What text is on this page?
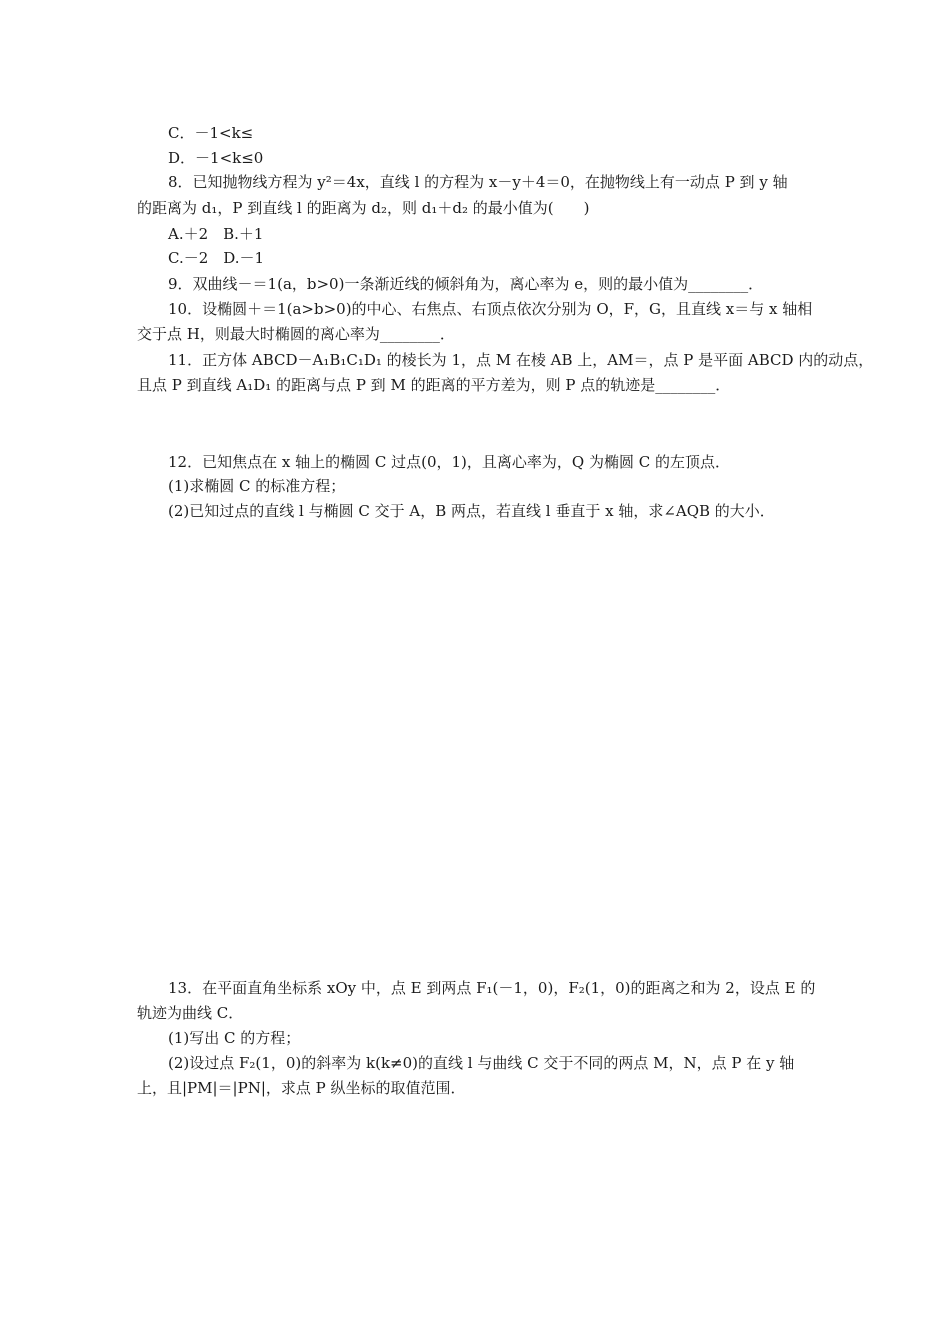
C．－1<k≤
D．－1<k≤0
8．已知抛物线方程为 y²＝4x，直线 l 的方程为 x－y＋4＝0，在抛物线上有一动点 P 到 y 轴
的距离为 d₁，P 到直线 l 的距离为 d₂，则 d₁＋d₂ 的最小值为(　　)
A.＋2　B.＋1
C.－2　D.－1
9．双曲线－＝1(a，b>0)一条渐近线的倾斜角为，离心率为 e，则的最小值为________．
10．设椭圆＋＝1(a>b>0)的中心、右焦点、右顶点依次分别为 O，F，G，且直线 x＝与 x 轴相
交于点 H，则最大时椭圆的离心率为________．
11．正方体 ABCD－A₁B₁C₁D₁ 的棱长为 1，点 M 在棱 AB 上，AM＝，点 P 是平面 ABCD 内的动点，
且点 P 到直线 A₁D₁ 的距离与点 P 到 M 的距离的平方差为，则 P 点的轨迹是________．
12．已知焦点在 x 轴上的椭圆 C 过点(0，1)，且离心率为，Q 为椭圆 C 的左顶点．
(1)求椭圆 C 的标准方程；
(2)已知过点的直线 l 与椭圆 C 交于 A，B 两点，若直线 l 垂直于 x 轴，求∠AQB 的大小．
13．在平面直角坐标系 xOy 中，点 E 到两点 F₁(－1，0)，F₂(1，0)的距离之和为 2，设点 E 的
轨迹为曲线 C．
(1)写出 C 的方程；
(2)设过点 F₂(1，0)的斜率为 k(k≠0)的直线 l 与曲线 C 交于不同的两点 M，N，点 P 在 y 轴
上，且|PM|＝|PN|，求点 P 纵坐标的取值范围．
